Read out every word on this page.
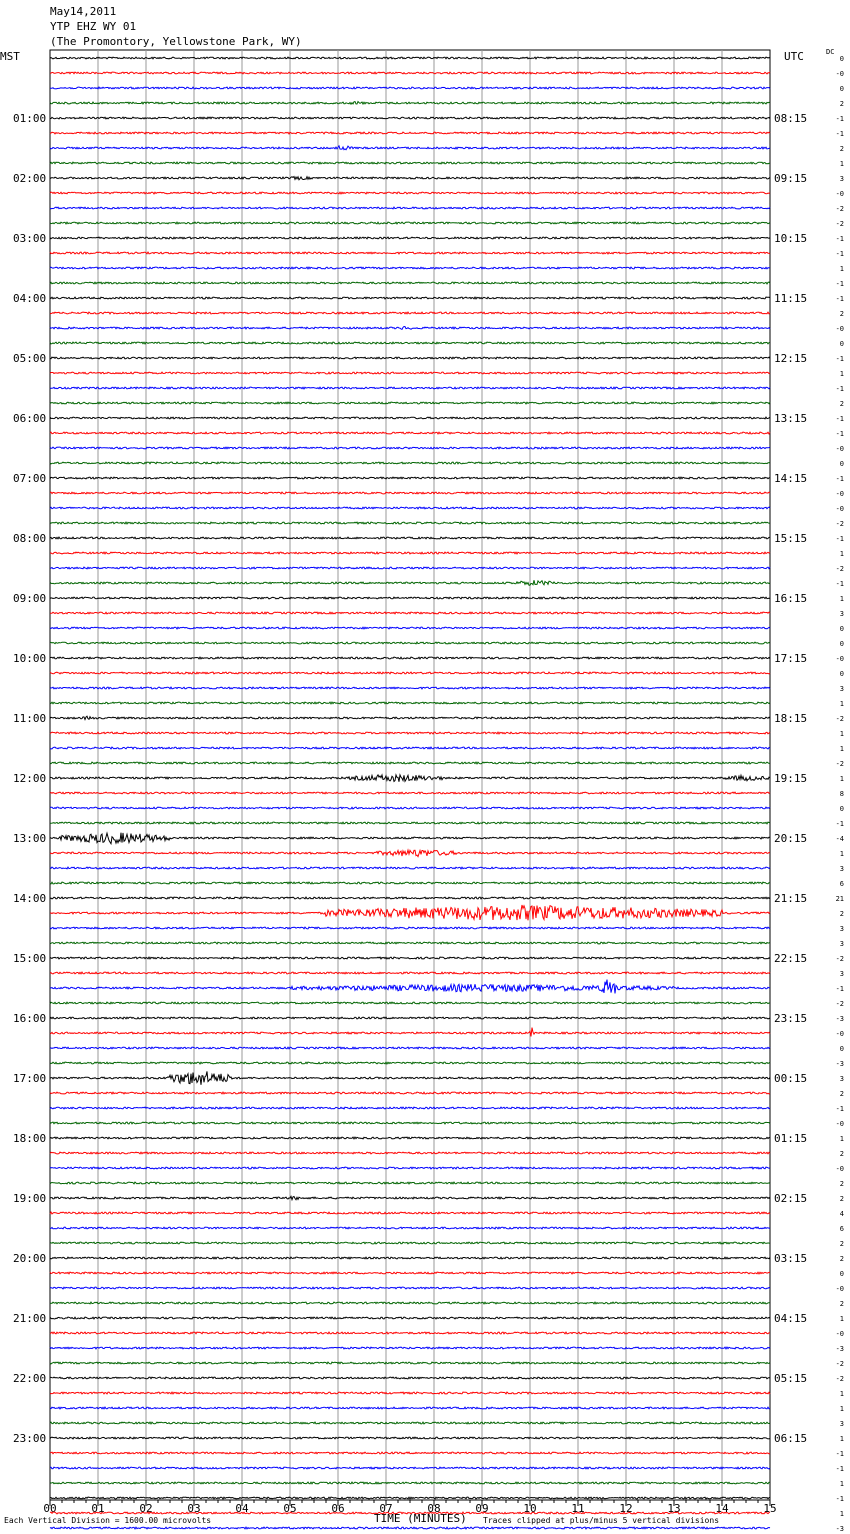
May14,2011
YTP EHZ WY 01
(The Promontory, Yellowstone Park, WY)
MST	UTC	DC
00	01	02	03	04	05	06	07	08	09	10	11	12	13	14	15
0
-0
0
2
01:00	08:15	-1
-1
2
1
02:00	09:15	3
-0
-2
-2
03:00	10:15	-1
-1
1
-1
04:00	11:15	-1
2
-0
0
05:00	12:15	-1
1
-1
2
06:00	13:15	-1
-1
-0
0
07:00	14:15	-1
-0
-0
-2
08:00	15:15	-1
1
-2
-1
09:00	16:15	1
3
0
0
10:00	17:15	-0
0
3
1
11:00	18:15	-2
1
1
-2
12:00	19:15	1
8
0
-1
13:00	20:15	-4
1
3
6
14:00	21:15	21
2
3
3
15:00	22:15	-2
3
-1
-2
16:00	23:15	-3
-0
0
-3
17:00	00:15	3
2
-1
-0
18:00	01:15	1
2
-0
2
19:00	02:15	2
4
6
2
20:00	03:15	2
0
-0
2
21:00	04:15	1
-0
-3
-2
22:00	05:15	-2
1
1
3
23:00	06:15	1
-1
-1
1
-1
1
-3
Each Vertical Division = 1600.00 microvolts	TIME (MINUTES) Traces clipped at plus/minus 5 vertical divisions
